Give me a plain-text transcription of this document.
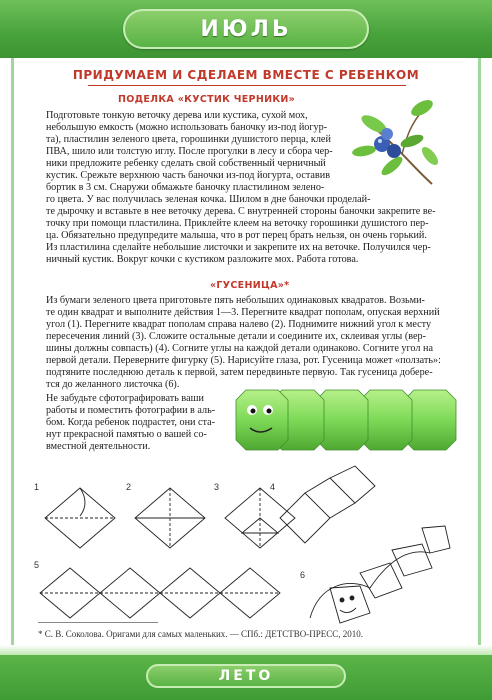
ИЮЛЬ
ПРИДУМАЕМ И СДЕЛАЕМ ВМЕСТЕ С РЕБЕНКОМ
ПОДЕЛКА «КУСТИК ЧЕРНИКИ»

Подготовьте тонкую веточку дерева или кустика, сухой мох,

небольшую емкость (можно использовать баночку из-под йогур-

та), пластилин зеленого цвета, горошинки душистого перца, клей

ПВА, шило или толстую иглу. После прогулки в лесу и сбора чер-

ники предложите ребенку сделать свой собственный черничный

кустик. Срежьте верхнюю часть баночки из-под йогурта, оставив

бортик в 3 см. Снаружи обмажьте баночку пластилином зелено-

го цвета. У вас получилась зеленая кочка. Шилом в дне баночки проделай-

те дырочку и вставьте в нее веточку дерева. С внутренней стороны баночки закрепите ве-

точку при помощи пластилина. Приклейте клеем на веточку горошинки душистого пер-

ца. Обязательно предупредите малыша, что в рот перец брать нельзя, он очень горький.

Из пластилина сделайте небольшие листочки и закрепите их на веточке. Получился чер-

ничный кустик. Вокруг кочки с кустиком разложите мох. Работа готова.

«ГУСЕНИЦА»*

Из бумаги зеленого цвета приготовьте пять небольших одинаковых квадратов. Возьми-

те один квадрат и выполните действия 1—3. Перегните квадрат пополам, опуская верхний

угол (1). Перегните квадрат пополам справа налево (2). Поднимите нижний угол к месту

пересечения линий (3). Сложите остальные детали и соедините их, склеивая углы (вер-

шины должны совпасть) (4). Согните углы на каждой детали одинаково. Согните угол на

первой детали. Переверните фигурку (5). Нарисуйте глаза, рот. Гусеница может «ползать»:

подтяните последнюю деталь к первой, затем передвиньте первую. Так гусеница добере-

тся до желанного листочка (6).

Не забудьте сфотографировать ваши

работы и поместить фотографии в аль-

бом. Когда ребенок подрастет, они ста-

нут прекрасной памятью о вашей со-

вместной деятельности.

1	2	3	4
5
6
* С. В. Соколова. Оригами для самых маленьких. — СПб.: ДЕТСТВО-ПРЕСС, 2010.
ЛЕТО
